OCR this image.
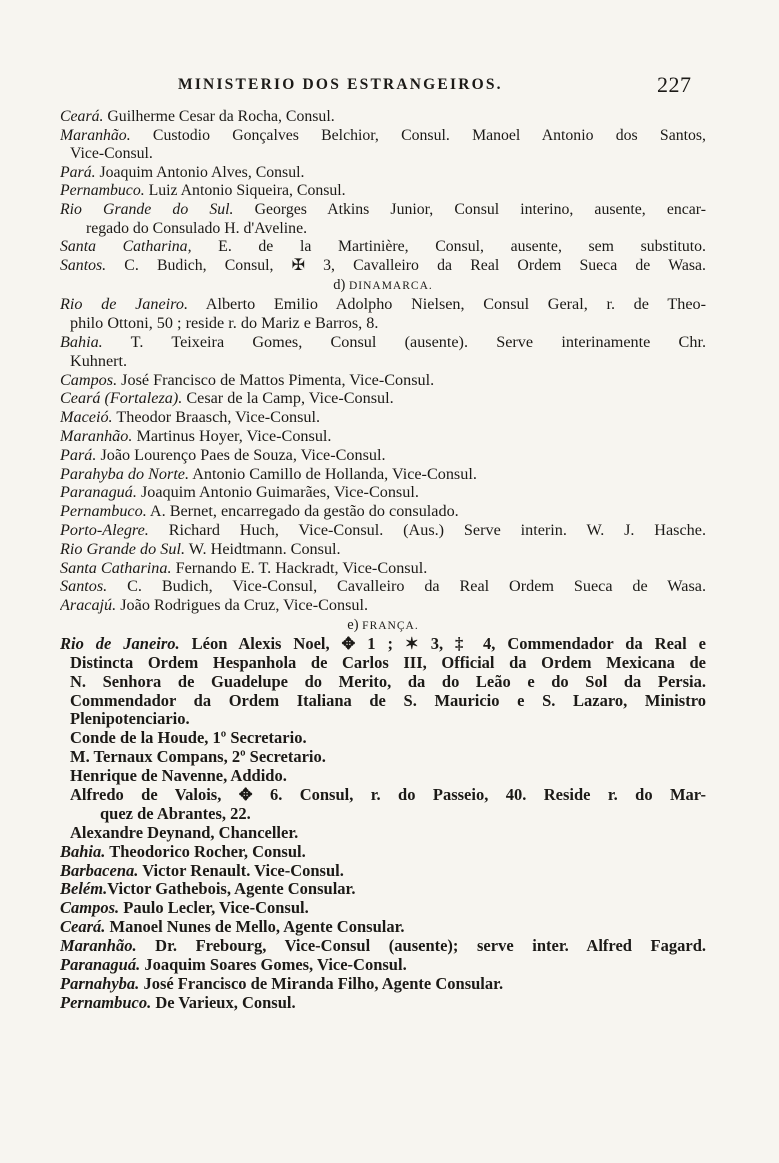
MINISTERIO DOS ESTRANGEIROS.	227
Ceará. Guilherme Cesar da Rocha, Consul.
Maranhão. Custodio Gonçalves Belchior, Consul. Manoel Antonio dos Santos,
Vice-Consul.
Pará. Joaquim Antonio Alves, Consul.
Pernambuco. Luiz Antonio Siqueira, Consul.
Rio Grande do Sul. Georges Atkins Junior, Consul interino, ausente, encar-
regado do Consulado H. d'Aveline.
Santa Catharina, E. de la Martinière, Consul, ausente, sem substituto.
Santos. C. Budich, Consul, ✠ 3, Cavalleiro da Real Ordem Sueca de Wasa.
d) DINAMARCA.
Rio de Janeiro. Alberto Emilio Adolpho Nielsen, Consul Geral, r. de Theo-
philo Ottoni, 50 ; reside r. do Mariz e Barros, 8.
Bahia. T. Teixeira Gomes, Consul (ausente). Serve interinamente Chr.
Kuhnert.
Campos. José Francisco de Mattos Pimenta, Vice-Consul.
Ceará (Fortaleza). Cesar de la Camp, Vice-Consul.
Maceió. Theodor Braasch, Vice-Consul.
Maranhão. Martinus Hoyer, Vice-Consul.
Pará. João Lourenço Paes de Souza, Vice-Consul.
Parahyba do Norte. Antonio Camillo de Hollanda, Vice-Consul.
Paranaguá. Joaquim Antonio Guimarães, Vice-Consul.
Pernambuco. A. Bernet, encarregado da gestão do consulado.
Porto-Alegre. Richard Huch, Vice-Consul. (Aus.) Serve interin. W. J. Hasche.
Rio Grande do Sul. W. Heidtmann. Consul.
Santa Catharina. Fernando E. T. Hackradt, Vice-Consul.
Santos. C. Budich, Vice-Consul, Cavalleiro da Real Ordem Sueca de Wasa.
Aracajú. João Rodrigues da Cruz, Vice-Consul.
e) FRANÇA.
Rio de Janeiro. Léon Alexis Noel, ✥ 1 ; ✶ 3, ‡ 4, Commendador da Real e
Distincta Ordem Hespanhola de Carlos III, Official da Ordem Mexicana de
N. Senhora de Guadelupe do Merito, da do Leão e do Sol da Persia.
Commendador da Ordem Italiana de S. Mauricio e S. Lazaro, Ministro
Plenipotenciario.
Conde de la Houde, 1º Secretario.
M. Ternaux Compans, 2º Secretario.
Henrique de Navenne, Addido.
Alfredo de Valois, ✥ 6. Consul, r. do Passeio, 40. Reside r. do Mar-
quez de Abrantes, 22.
Alexandre Deynand, Chanceller.
Bahia. Theodorico Rocher, Consul.
Barbacena. Victor Renault. Vice-Consul.
Belém.Victor Gathebois, Agente Consular.
Campos. Paulo Lecler, Vice-Consul.
Ceará. Manoel Nunes de Mello, Agente Consular.
Maranhão. Dr. Frebourg, Vice-Consul (ausente); serve inter. Alfred Fagard.
Paranaguá. Joaquim Soares Gomes, Vice-Consul.
Parnahyba. José Francisco de Miranda Filho, Agente Consular.
Pernambuco. De Varieux, Consul.
